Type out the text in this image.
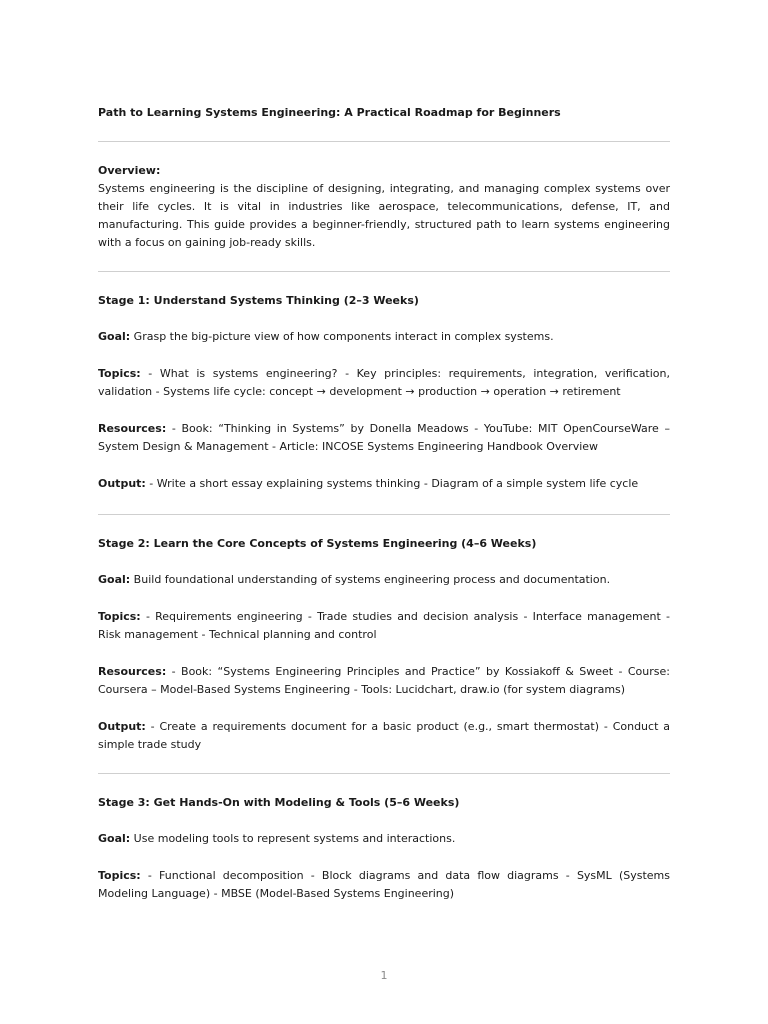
Path to Learning Systems Engineering: A Practical Roadmap for Beginners

Overview:

Systems engineering is the discipline of designing, integrating, and managing complex systems over their life cycles. It is vital in industries like aerospace, telecommunications, defense, IT, and manufacturing. This guide provides a beginner-friendly, structured path to learn systems engineering with a focus on gaining job-ready skills.

Stage 1: Understand Systems Thinking (2–3 Weeks)

Goal: Grasp the big-picture view of how components interact in complex systems.

Topics: - What is systems engineering? - Key principles: requirements, integration, verification, validation - Systems life cycle: concept → development → production → operation → retirement

Resources: - Book: “Thinking in Systems” by Donella Meadows - YouTube: MIT OpenCourseWare – System Design & Management - Article: INCOSE Systems Engineering Handbook Overview

Output: - Write a short essay explaining systems thinking - Diagram of a simple system life cycle

Stage 2: Learn the Core Concepts of Systems Engineering (4–6 Weeks)

Goal: Build foundational understanding of systems engineering process and documentation.

Topics: - Requirements engineering - Trade studies and decision analysis - Interface management - Risk management - Technical planning and control

Resources: - Book: “Systems Engineering Principles and Practice” by Kossiakoff & Sweet - Course: Coursera – Model-Based Systems Engineering - Tools: Lucidchart, draw.io (for system diagrams)

Output: - Create a requirements document for a basic product (e.g., smart thermostat) - Conduct a simple trade study

Stage 3: Get Hands-On with Modeling & Tools (5–6 Weeks)

Goal: Use modeling tools to represent systems and interactions.

Topics: - Functional decomposition - Block diagrams and data flow diagrams - SysML (Systems Modeling Language) - MBSE (Model-Based Systems Engineering)

1
